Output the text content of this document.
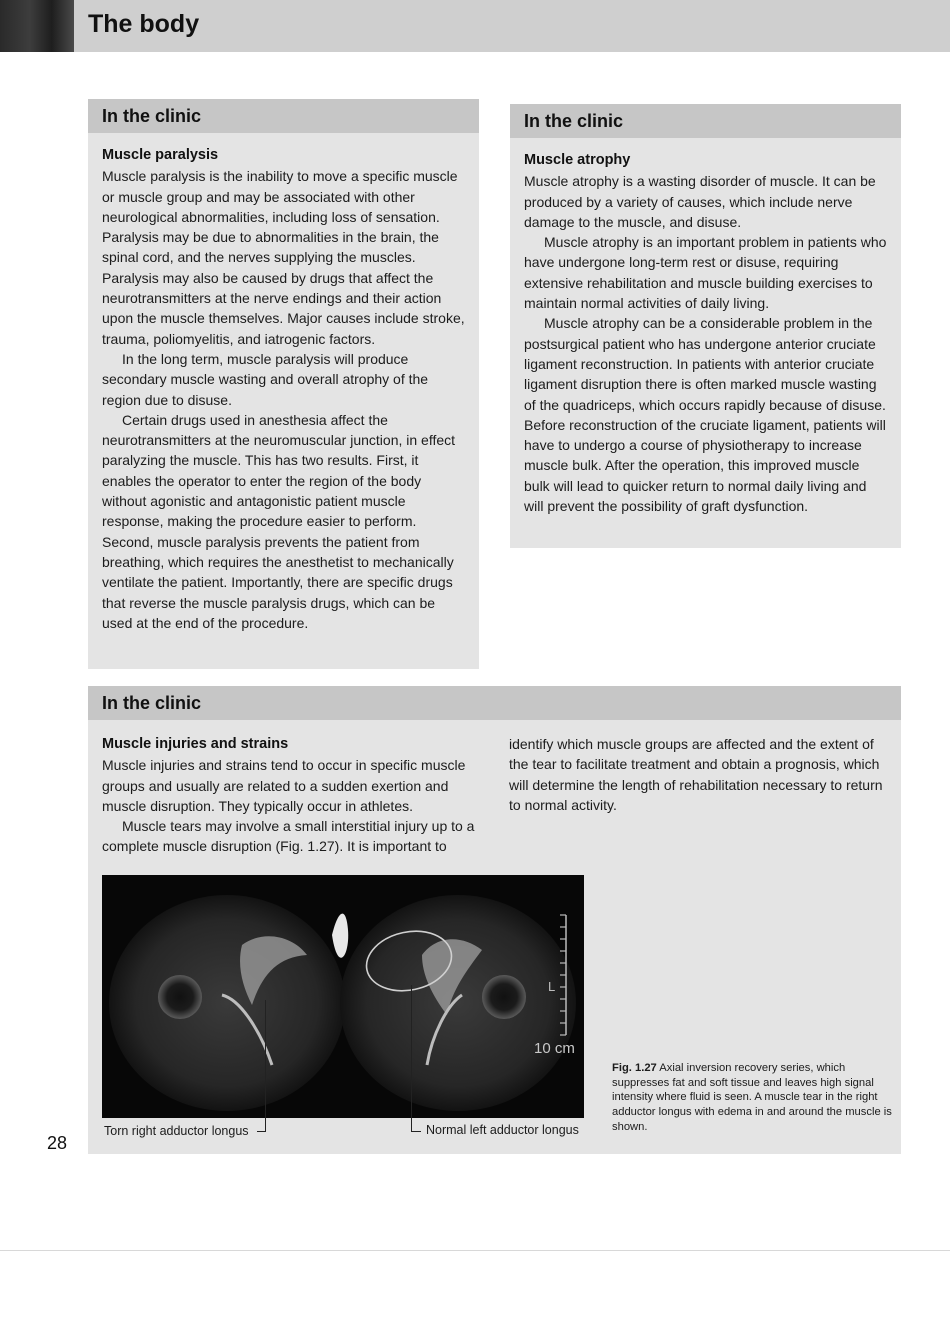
The body
In the clinic
Muscle paralysis

Muscle paralysis is the inability to move a specific muscle or muscle group and may be associated with other neurological abnormalities, including loss of sensation. Paralysis may be due to abnormalities in the brain, the spinal cord, and the nerves supplying the muscles. Paralysis may also be caused by drugs that affect the neurotransmitters at the nerve endings and their action upon the muscle themselves. Major causes include stroke, trauma, poliomyelitis, and iatrogenic factors.

In the long term, muscle paralysis will produce secondary muscle wasting and overall atrophy of the region due to disuse.

Certain drugs used in anesthesia affect the neurotransmitters at the neuromuscular junction, in effect paralyzing the muscle. This has two results. First, it enables the operator to enter the region of the body without agonistic and antagonistic patient muscle response, making the procedure easier to perform. Second, muscle paralysis prevents the patient from breathing, which requires the anesthetist to mechanically ventilate the patient. Importantly, there are specific drugs that reverse the muscle paralysis drugs, which can be used at the end of the procedure.

In the clinic
Muscle atrophy

Muscle atrophy is a wasting disorder of muscle. It can be produced by a variety of causes, which include nerve damage to the muscle, and disuse.

Muscle atrophy is an important problem in patients who have undergone long-term rest or disuse, requiring extensive rehabilitation and muscle building exercises to maintain normal activities of daily living.

Muscle atrophy can be a considerable problem in the postsurgical patient who has undergone anterior cruciate ligament reconstruction. In patients with anterior cruciate ligament disruption there is often marked muscle wasting of the quadriceps, which occurs rapidly because of disuse. Before reconstruction of the cruciate ligament, patients will have to undergo a course of physiotherapy to increase muscle bulk. After the operation, this improved muscle bulk will lead to quicker return to normal daily living and will prevent the possibility of graft dysfunction.

In the clinic
Muscle injuries and strains

Muscle injuries and strains tend to occur in specific muscle groups and usually are related to a sudden exertion and muscle disruption. They typically occur in athletes.

Muscle tears may involve a small interstitial injury up to a complete muscle disruption (Fig. 1.27). It is important to

identify which muscle groups are affected and the extent of the tear to facilitate treatment and obtain a prognosis, which will determine the length of rehabilitation necessary to return to normal activity.

L
10 cm
Torn right adductor longus	Normal left adductor longus
Fig. 1.27 Axial inversion recovery series, which suppresses fat and soft tissue and leaves high signal intensity where fluid is seen. A muscle tear in the right adductor longus with edema in and around the muscle is shown.
28
